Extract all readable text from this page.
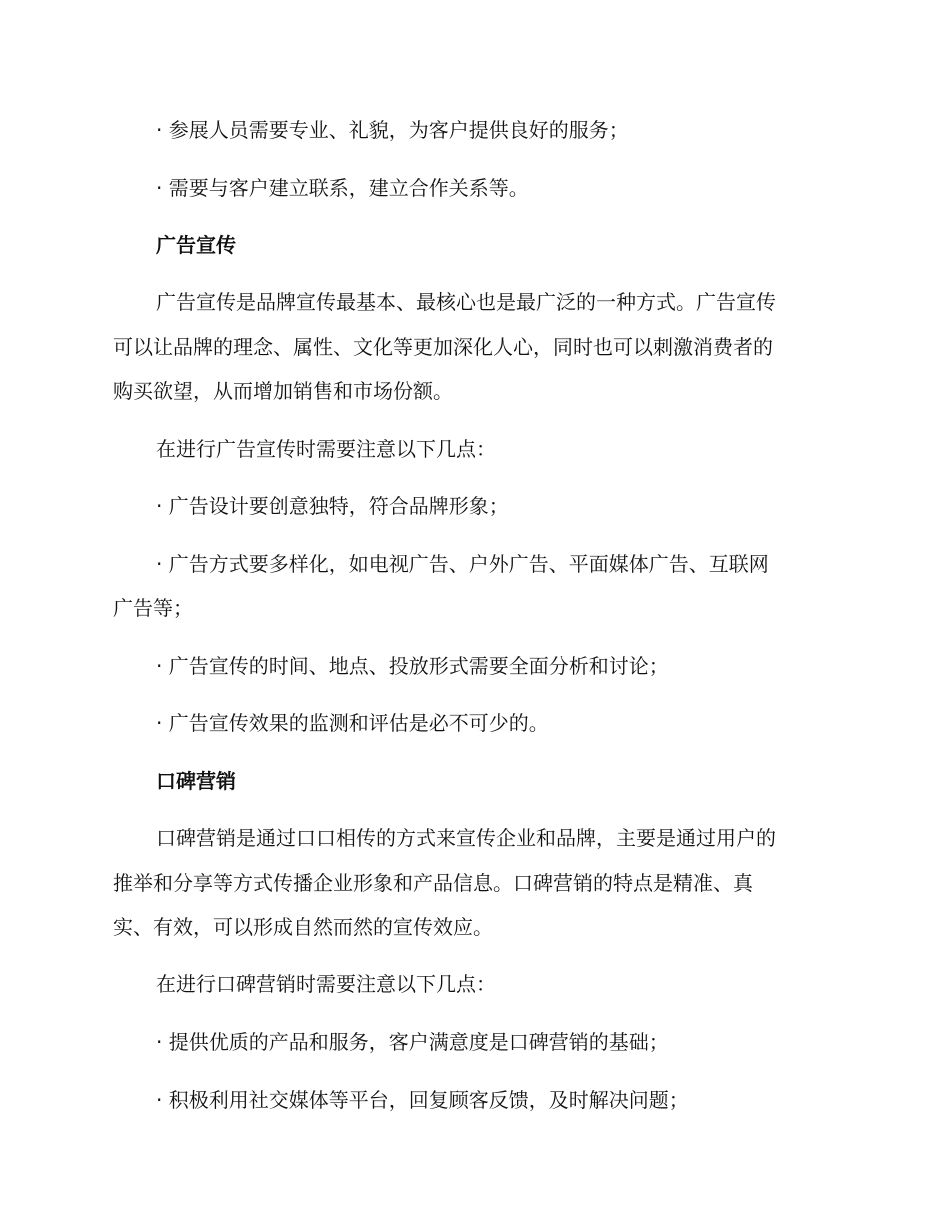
· 参展人员需要专业、礼貌，为客户提供良好的服务；
· 需要与客户建立联系，建立合作关系等。
广告宣传
广告宣传是品牌宣传最基本、最核心也是最广泛的一种方式。广告宣传
可以让品牌的理念、属性、文化等更加深化人心，同时也可以刺激消费者的
购买欲望，从而增加销售和市场份额。
在进行广告宣传时需要注意以下几点：
· 广告设计要创意独特，符合品牌形象；
· 广告方式要多样化，如电视广告、户外广告、平面媒体广告、互联网
广告等；
· 广告宣传的时间、地点、投放形式需要全面分析和讨论；
· 广告宣传效果的监测和评估是必不可少的。
口碑营销
口碑营销是通过口口相传的方式来宣传企业和品牌，主要是通过用户的
推举和分享等方式传播企业形象和产品信息。口碑营销的特点是精准、真
实、有效，可以形成自然而然的宣传效应。
在进行口碑营销时需要注意以下几点：
· 提供优质的产品和服务，客户满意度是口碑营销的基础；
· 积极利用社交媒体等平台，回复顾客反馈，及时解决问题；
